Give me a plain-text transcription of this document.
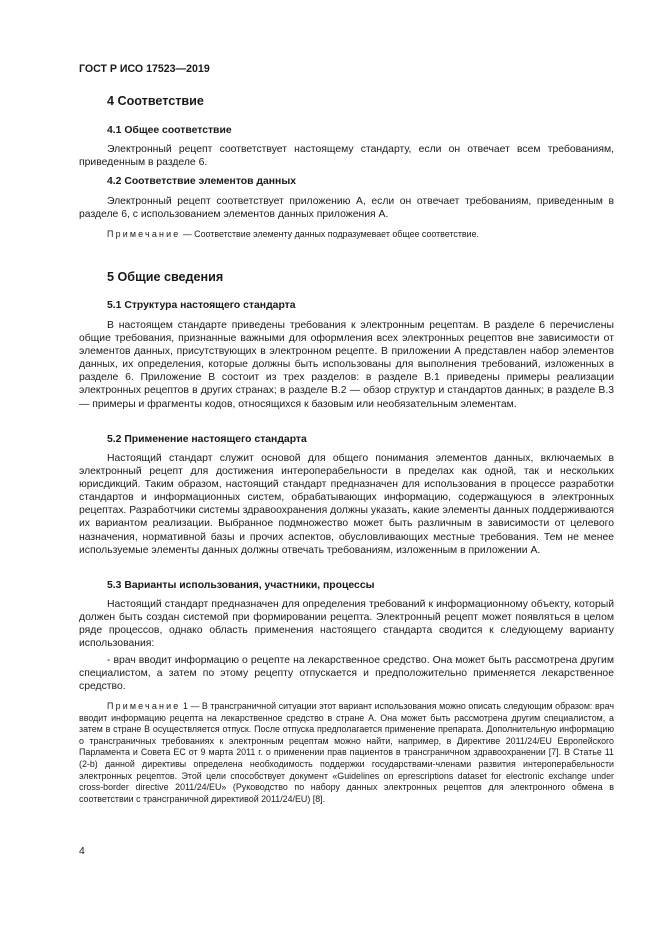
ГОСТ Р ИСО 17523—2019

4 Соответствие

4.1 Общее соответствие

Электронный рецепт соответствует настоящему стандарту, если он отвечает всем требованиям, приведенным в разделе 6.

4.2 Соответствие элементов данных

Электронный рецепт соответствует приложению А, если он отвечает требованиям, приведенным в разделе 6, с использованием элементов данных приложения А.

Примечание — Соответствие элементу данных подразумевает общее соответствие.

5 Общие сведения

5.1 Структура настоящего стандарта

В настоящем стандарте приведены требования к электронным рецептам. В разделе 6 перечислены общие требования, признанные важными для оформления всех электронных рецептов вне зависимости от элементов данных, присутствующих в электронном рецепте. В приложении А представлен набор элементов данных, их определения, которые должны быть использованы для выполнения требований, изложенных в разделе 6. Приложение В состоит из трех разделов: в разделе В.1 приведены примеры реализации электронных рецептов в других странах; в разделе В.2 — обзор структур и стандартов данных; в разделе В.3 — примеры и фрагменты кодов, относящихся к базовым или необязательным элементам.

5.2 Применение настоящего стандарта

Настоящий стандарт служит основой для общего понимания элементов данных, включаемых в электронный рецепт для достижения интероперабельности в пределах как одной, так и нескольких юрисдикций. Таким образом, настоящий стандарт предназначен для использования в процессе разработки стандартов и информационных систем, обрабатывающих информацию, содержащуюся в электронных рецептах. Разработчики системы здравоохранения должны указать, какие элементы данных поддерживаются их вариантом реализации. Выбранное подмножество может быть различным в зависимости от целевого назначения, нормативной базы и прочих аспектов, обусловливающих местные требования. Тем не менее используемые элементы данных должны отвечать требованиям, изложенным в приложении А.

5.3 Варианты использования, участники, процессы

Настоящий стандарт предназначен для определения требований к информационному объекту, который должен быть создан системой при формировании рецепта. Электронный рецепт может появляться в целом ряде процессов, однако область применения настоящего стандарта сводится к следующему варианту использования:

- врач вводит информацию о рецепте на лекарственное средство. Она может быть рассмотрена другим специалистом, а затем по этому рецепту отпускается и предположительно применяется лекарственное средство.

Примечание 1 — В трансграничной ситуации этот вариант использования можно описать следующим образом: врач вводит информацию рецепта на лекарственное средство в стране А. Она может быть рассмотрена другим специалистом, а затем в стране В осуществляется отпуск. После отпуска предполагается применение препарата. Дополнительную информацию о трансграничных требованиях к электронным рецептам можно найти, например, в Директиве 2011/24/EU Европейского Парламента и Совета ЕС от 9 марта 2011 г. о применении прав пациентов в трансграничном здравоохранении [7]. В Статье 11 (2-b) данной директивы определена необходимость поддержки государствами-членами развития интероперабельности электронных рецептов. Этой цели способствует документ «Guidelines on eprescriptions dataset for electronic exchange under cross-border directive 2011/24/EU» (Руководство по набору данных электронных рецептов для электронного обмена в соответствии с трансграничной директивой 2011/24/EU) [8].

4
